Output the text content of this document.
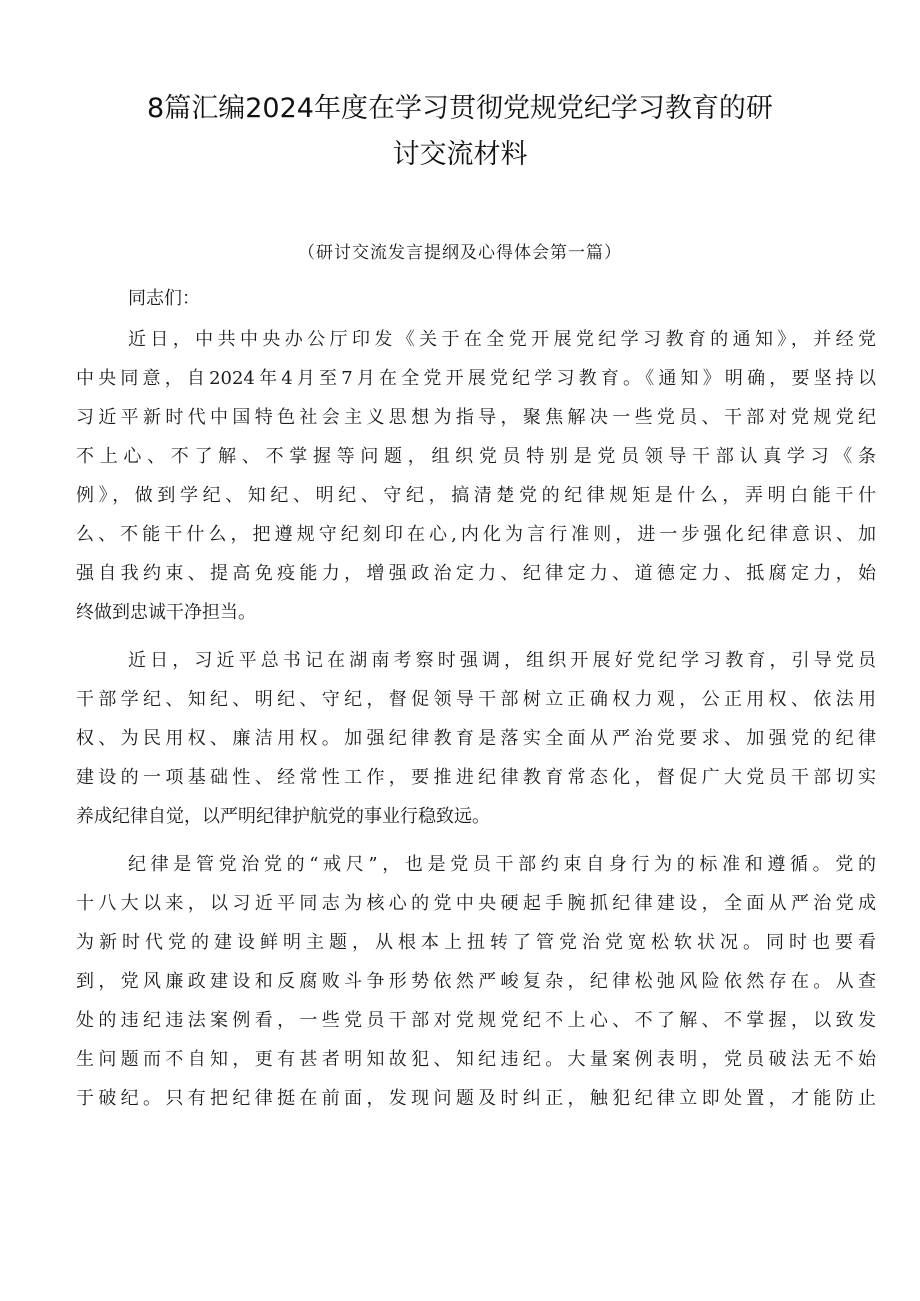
8篇汇编2024年度在学习贯彻党规党纪学习教育的研
讨交流材料
（研讨交流发言提纲及心得体会第一篇）
同志们：
近日，中共中央办公厅印发《关于在全党开展党纪学习教育的通知》，并经党
中央同意，自2024年4月至7月在全党开展党纪学习教育。《通知》明确，要坚持以
习近平新时代中国特色社会主义思想为指导，聚焦解决一些党员、干部对党规党纪
不上心、不了解、不掌握等问题，组织党员特别是党员领导干部认真学习《条
例》，做到学纪、知纪、明纪、守纪，搞清楚党的纪律规矩是什么，弄明白能干什
么、不能干什么，把遵规守纪刻印在心,内化为言行准则，进一步强化纪律意识、加
强自我约束、提高免疫能力，增强政治定力、纪律定力、道德定力、抵腐定力，始
终做到忠诚干净担当。
近日，习近平总书记在湖南考察时强调，组织开展好党纪学习教育，引导党员
干部学纪、知纪、明纪、守纪，督促领导干部树立正确权力观，公正用权、依法用
权、为民用权、廉洁用权。加强纪律教育是落实全面从严治党要求、加强党的纪律
建设的一项基础性、经常性工作，要推进纪律教育常态化，督促广大党员干部切实
养成纪律自觉，以严明纪律护航党的事业行稳致远。
纪律是管党治党的“戒尺”，也是党员干部约束自身行为的标准和遵循。党的
十八大以来，以习近平同志为核心的党中央硬起手腕抓纪律建设，全面从严治党成
为新时代党的建设鲜明主题，从根本上扭转了管党治党宽松软状况。同时也要看
到，党风廉政建设和反腐败斗争形势依然严峻复杂，纪律松弛风险依然存在。从查
处的违纪违法案例看，一些党员干部对党规党纪不上心、不了解、不掌握，以致发
生问题而不自知，更有甚者明知故犯、知纪违纪。大量案例表明，党员破法无不始
于破纪。只有把纪律挺在前面，发现问题及时纠正，触犯纪律立即处置，才能防止
